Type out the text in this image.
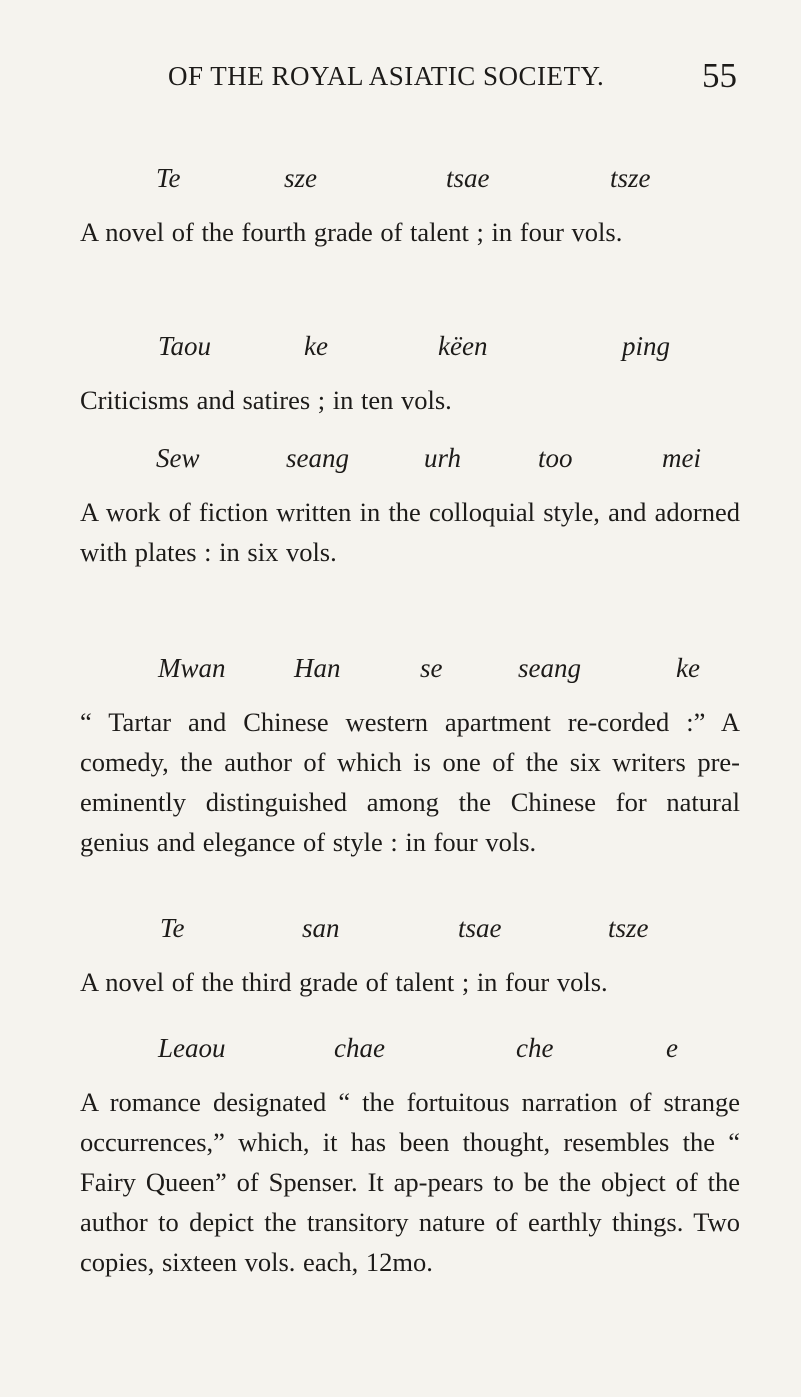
OF THE ROYAL ASIATIC SOCIETY.	55
Te	sze	tsae	tsze

A novel of the fourth grade of talent ; in four vols.

Taou	ke	këen	ping

Criticisms and satires ; in ten vols.

Sew	seang	urh	too	mei

A work of fiction written in the colloquial style, and adorned with plates : in six vols.

Mwan	Han	se	seang	ke

“ Tartar and Chinese western apartment re-corded :” A comedy, the author of which is one of the six writers pre-eminently distinguished among the Chinese for natural genius and elegance of style : in four vols.

Te	san	tsae	tsze

A novel of the third grade of talent ; in four vols.

Leaou	chae	che	e

A romance designated “ the fortuitous narration of strange occurrences,” which, it has been thought, resembles the “ Fairy Queen” of Spenser. It ap-pears to be the object of the author to depict the transitory nature of earthly things. Two copies, sixteen vols. each, 12mo.
